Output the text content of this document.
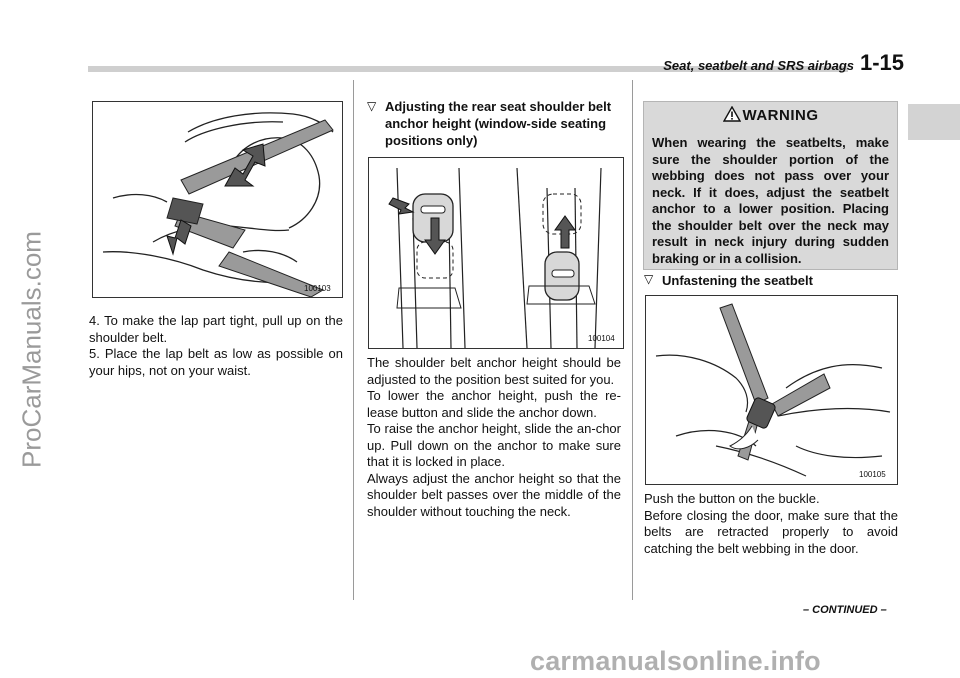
Seat, seatbelt and SRS airbags 1-15
ProCarManuals.com	100103
4. To make the lap part tight, pull up on the shoulder belt.
5. Place the lap belt as low as possible on your hips, not on your waist.
▽ Adjusting the rear seat shoulder belt anchor height (window-side seating positions only)
100104
The shoulder belt anchor height should be adjusted to the position best suited for you.
To lower the anchor height, push the re-lease button and slide the anchor down.
To raise the anchor height, slide the an-chor up. Pull down on the anchor to make sure that it is locked in place.
Always adjust the anchor height so that the shoulder belt passes over the middle of the shoulder without touching the neck.
WARNING
When wearing the seatbelts, make sure the shoulder portion of the webbing does not pass over your neck. If it does, adjust the seatbelt anchor to a lower position. Placing the shoulder belt over the neck may result in neck injury during sudden braking or in a collision.
▽ Unfastening the seatbelt
100105
Push the button on the buckle.
Before closing the door, make sure that the belts are retracted properly to avoid catching the belt webbing in the door.
– CONTINUED –
carmanualsonline.info
